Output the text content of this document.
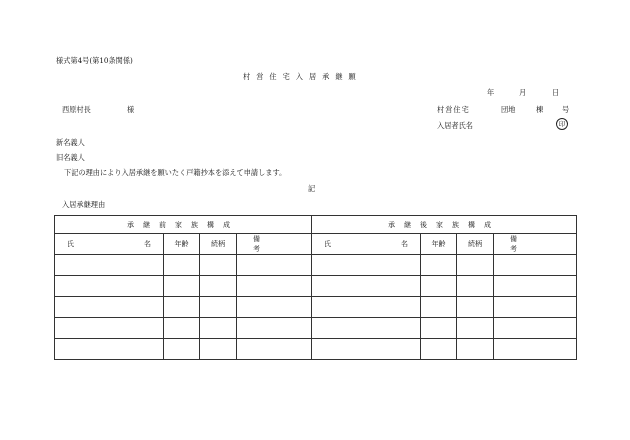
様式第4号(第10条関係)
村営住宅入居承継願
年	月	日
西原村長	様	村営住宅	団地	棟	号
入居者氏名	印
新名義人
旧名義人
下記の理由により入居承継を願いたく戸籍抄本を添えて申請します。
記
入居承継理由
承継前家族構成				承継後家族構成			

氏 名	年齢	続柄	備考	氏 名	年齢	続柄	備考
